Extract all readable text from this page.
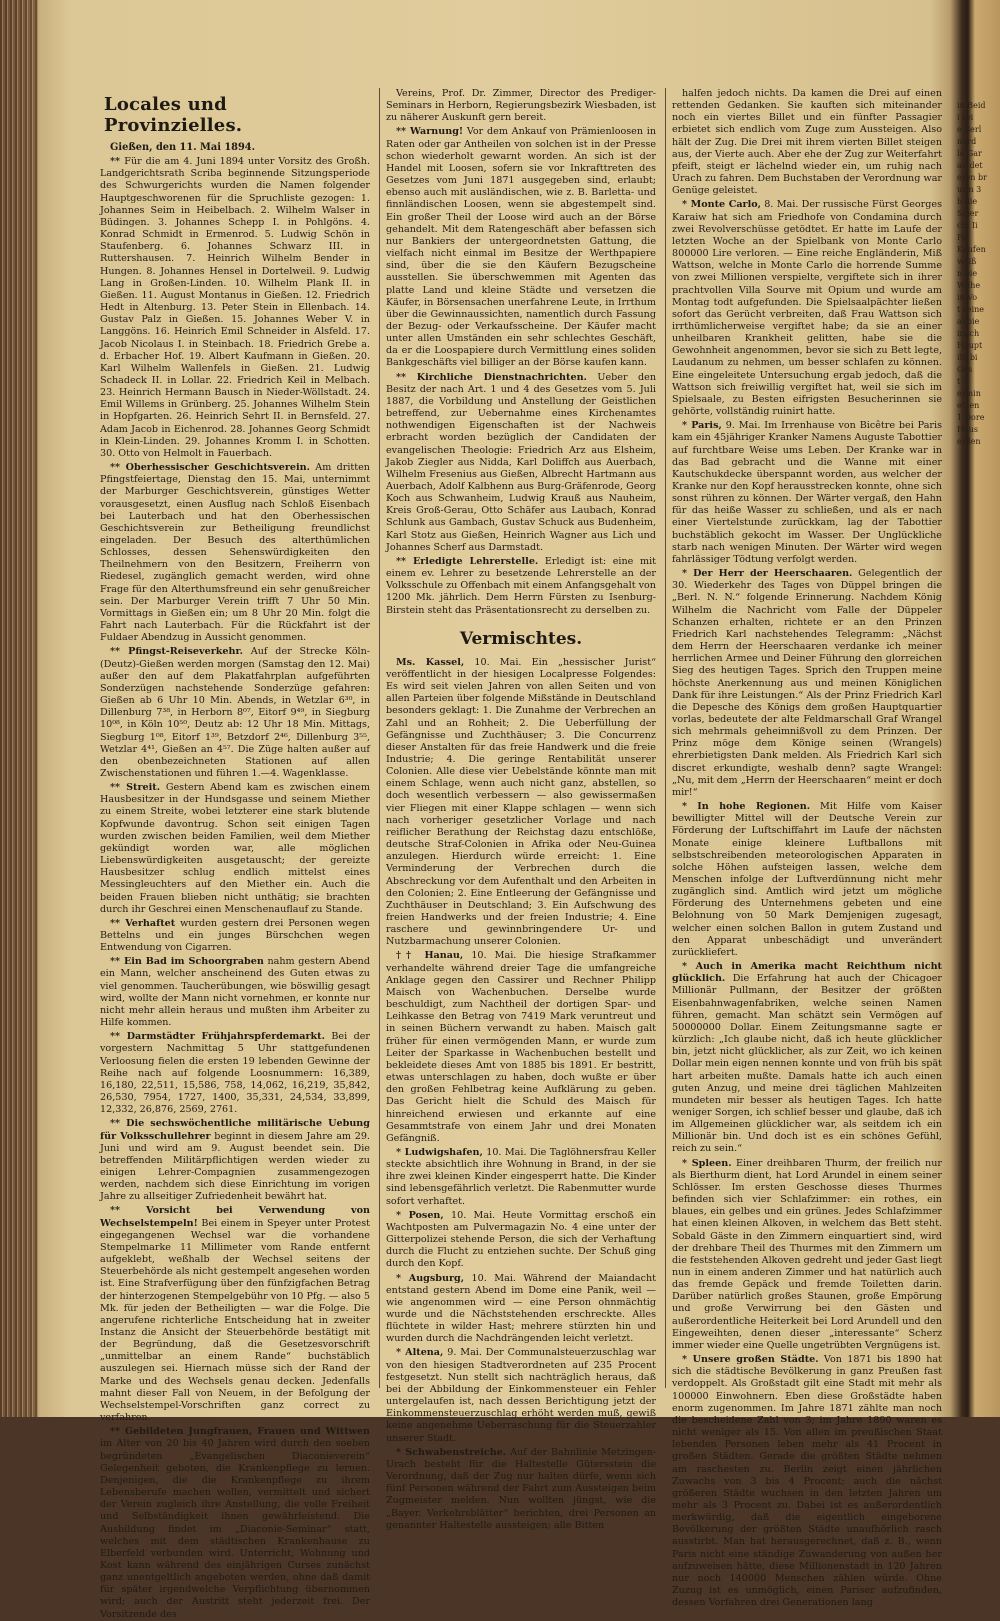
Locales und Provinzielles.

Gießen, den 11. Mai 1894.

** Für die am 4. Juni 1894 unter Vorsitz des Großh. Landgerichtsrath Scriba beginnende Sitzungsperiode des Schwurgerichts wurden die Namen folgender Hauptgeschworenen für die Spruchliste gezogen: 1. Johannes Seim in Heibelbach. 2. Wilhelm Walser in Büdingen. 3. Johannes Schepp I. in Pohlgöns. 4. Konrad Schmidt in Ermenrod. 5. Ludwig Schön in Staufenberg. 6. Johannes Schwarz III. in Ruttershausen. 7. Heinrich Wilhelm Bender in Hungen. 8. Johannes Hensel in Dortelweil. 9. Ludwig Lang in Großen-Linden. 10. Wilhelm Plank II. in Gießen. 11. August Montanus in Gießen. 12. Friedrich Hedt in Altenburg. 13. Peter Stein in Ellenbach. 14. Gustav Palz in Gießen. 15. Johannes Weber V. in Langgöns. 16. Heinrich Emil Schneider in Alsfeld. 17. Jacob Nicolaus I. in Steinbach. 18. Friedrich Grebe a. d. Erbacher Hof. 19. Albert Kaufmann in Gießen. 20. Karl Wilhelm Wallenfels in Gießen. 21. Ludwig Schadeck II. in Lollar. 22. Friedrich Keil in Melbach. 23. Heinrich Hermann Bausch in Nieder-Wöllstadt. 24. Emil Willems in Grünberg. 25. Johannes Wilhelm Stein in Hopfgarten. 26. Heinrich Sehrt II. in Bernsfeld. 27. Adam Jacob in Eichenrod. 28. Johannes Georg Schmidt in Klein-Linden. 29. Johannes Kromm I. in Schotten. 30. Otto von Helmolt in Fauerbach.

** Oberhessischer Geschichtsverein. Am dritten Pfingstfeiertage, Dienstag den 15. Mai, unternimmt der Marburger Geschichtsverein, günstiges Wetter vorausgesetzt, einen Ausflug nach Schloß Eisenbach bei Lauterbach und hat den Oberhessischen Geschichtsverein zur Betheiligung freundlichst eingeladen. Der Besuch des alterthümlichen Schlosses, dessen Sehenswürdigkeiten den Theilnehmern von den Besitzern, Freiherrn von Riedesel, zugänglich gemacht werden, wird ohne Frage für den Alterthumsfreund ein sehr genußreicher sein. Der Marburger Verein trifft 7 Uhr 50 Min. Vormittags in Gießen ein; um 8 Uhr 20 Min. folgt die Fahrt nach Lauterbach. Für die Rückfahrt ist der Fuldaer Abendzug in Aussicht genommen.

** Pfingst-Reiseverkehr. Auf der Strecke Köln-(Deutz)-Gießen werden morgen (Samstag den 12. Mai) außer den auf dem Plakatfahrplan aufgeführten Sonderzügen nachstehende Sonderzüge gefahren: Gießen ab 6 Uhr 10 Min. Abends, in Wetzlar 6³⁰, in Dillenburg 7³⁸, in Herborn 8⁰⁷, Eitorf 9⁴⁹, in Siegburg 10⁰⁸, in Köln 10⁵⁰, Deutz ab: 12 Uhr 18 Min. Mittags, Siegburg 1⁰⁸, Eitorf 1³⁹, Betzdorf 2⁴⁶, Dillenburg 3⁵⁵, Wetzlar 4⁴¹, Gießen an 4⁵⁷. Die Züge halten außer auf den obenbezeichneten Stationen auf allen Zwischenstationen und führen 1.—4. Wagenklasse.

** Streit. Gestern Abend kam es zwischen einem Hausbesitzer in der Hundsgasse und seinem Miether zu einem Streite, wobei letzterer eine stark blutende Kopfwunde davontrug. Schon seit einigen Tagen wurden zwischen beiden Familien, weil dem Miether gekündigt worden war, alle möglichen Liebenswürdigkeiten ausgetauscht; der gereizte Hausbesitzer schlug endlich mittelst eines Messingleuchters auf den Miether ein. Auch die beiden Frauen blieben nicht unthätig; sie brachten durch ihr Geschrei einen Menschenauflauf zu Stande.

** Verhaftet wurden gestern drei Personen wegen Bettelns und ein junges Bürschchen wegen Entwendung von Cigarren.

** Ein Bad im Schoorgraben nahm gestern Abend ein Mann, welcher anscheinend des Guten etwas zu viel genommen. Taucherübungen, wie böswillig gesagt wird, wollte der Mann nicht vornehmen, er konnte nur nicht mehr allein heraus und mußten ihm Arbeiter zu Hilfe kommen.

** Darmstädter Frühjahrspferdemarkt. Bei der vorgestern Nachmittag 5 Uhr stattgefundenen Verloosung fielen die ersten 19 lebenden Gewinne der Reihe nach auf folgende Loosnummern: 16,389, 16,180, 22,511, 15,586, 758, 14,062, 16,219, 35,842, 26,530, 7954, 1727, 1400, 35,331, 24,534, 33,899, 12,332, 26,876, 2569, 2761.

** Die sechswöchentliche militärische Uebung für Volksschullehrer beginnt in diesem Jahre am 29. Juni und wird am 9. August beendet sein. Die betreffenden Militärpflichtigen werden wieder zu einigen Lehrer-Compagnien zusammengezogen werden, nachdem sich diese Einrichtung im vorigen Jahre zu allseitiger Zufriedenheit bewährt hat.

** Vorsicht bei Verwendung von Wechselstempeln! Bei einem in Speyer unter Protest eingegangenen Wechsel war die vorhandene Stempelmarke 11 Millimeter vom Rande entfernt aufgeklebt, weßhalb der Wechsel seitens der Steuerbehörde als nicht gestempelt angesehen worden ist. Eine Strafverfügung über den fünfzigfachen Betrag der hinterzogenen Stempelgebühr von 10 Pfg. — also 5 Mk. für jeden der Betheiligten — war die Folge. Die angerufene richterliche Entscheidung hat in zweiter Instanz die Ansicht der Steuerbehörde bestätigt mit der Begründung, daß die Gesetzesvorschrift „unmittelbar an einem Rande“ buchstäblich auszulegen sei. Hiernach müsse sich der Rand der Marke und des Wechsels genau decken. Jedenfalls mahnt dieser Fall von Neuem, in der Befolgung der Wechselstempel-Vorschriften ganz correct zu verfahren.

** Gebildeten Jungfrauen, Frauen und Wittwen im Alter von 20 bis 40 Jahren wird durch den soeben begründeten „Evangelischen Diaconieverein“ Gelegenheit geboten, die Krankenpflege zu lernen. Denjenigen, die die Krankenpflege zu ihrem Lebensberufe machen wollen, vermittelt und sichert der Verein zugleich ihre Anstellung, die volle Freiheit und Selbständigkeit ihnen gewährleistend. Die Ausbildung findet im „Diaconie-Seminar“ statt, welches mit dem städtischen Krankenhause zu Elberfeld verbunden wird. Unterricht, Wohnung und Kost kann während des einjährigen Curses zunächst ganz unentgeltlich angeboten werden, ohne daß damit für später irgendwelche Verpflichtung übernommen wird; auch der Austritt steht jederzeit frei. Der Vorsitzende des

Vereins, Prof. Dr. Zimmer, Director des Prediger-Seminars in Herborn, Regierungsbezirk Wiesbaden, ist zu näherer Auskunft gern bereit.

** Warnung! Vor dem Ankauf von Prämienloosen in Raten oder gar Antheilen von solchen ist in der Presse schon wiederholt gewarnt worden. An sich ist der Handel mit Loosen, sofern sie vor Inkrafttreten des Gesetzes vom Juni 1871 ausgegeben sind, erlaubt; ebenso auch mit ausländischen, wie z. B. Barletta- und finnländischen Loosen, wenn sie abgestempelt sind. Ein großer Theil der Loose wird auch an der Börse gehandelt. Mit dem Ratengeschäft aber befassen sich nur Bankiers der untergeordnetsten Gattung, die vielfach nicht einmal im Besitze der Werthpapiere sind, über die sie den Käufern Bezugscheine ausstellen. Sie überschwemmen mit Agenten das platte Land und kleine Städte und versetzen die Käufer, in Börsensachen unerfahrene Leute, in Irrthum über die Gewinnaussichten, namentlich durch Fassung der Bezug- oder Verkaufsscheine. Der Käufer macht unter allen Umständen ein sehr schlechtes Geschäft, da er die Loospapiere durch Vermittlung eines soliden Bankgeschäfts viel billiger an der Börse kaufen kann.

** Kirchliche Dienstnachrichten. Ueber den Besitz der nach Art. 1 und 4 des Gesetzes vom 5. Juli 1887, die Vorbildung und Anstellung der Geistlichen betreffend, zur Uebernahme eines Kirchenamtes nothwendigen Eigenschaften ist der Nachweis erbracht worden bezüglich der Candidaten der evangelischen Theologie: Friedrich Arz aus Elsheim, Jakob Ziegler aus Nidda, Karl Doliffch aus Auerbach, Wilhelm Fresenius aus Gießen, Albrecht Hartmann aus Auerbach, Adolf Kalbhenn aus Burg-Gräfenrode, Georg Koch aus Schwanheim, Ludwig Krauß aus Nauheim, Kreis Groß-Gerau, Otto Schäfer aus Laubach, Konrad Schlunk aus Gambach, Gustav Schuck aus Budenheim, Karl Stotz aus Gießen, Heinrich Wagner aus Lich und Johannes Scherf aus Darmstadt.

** Erledigte Lehrerstelle. Erledigt ist: eine mit einem ev. Lehrer zu besetzende Lehrerstelle an der Volksschule zu Offenbach mit einem Anfangsgehalt von 1200 Mk. jährlich. Dem Herrn Fürsten zu Isenburg-Birstein steht das Präsentationsrecht zu derselben zu.

Vermischtes.

Ms. Kassel, 10. Mai. Ein „hessischer Jurist“ veröffentlicht in der hiesigen Localpresse Folgendes: Es wird seit vielen Jahren von allen Seiten und von allen Parteien über folgende Mißstände in Deutschland besonders geklagt: 1. Die Zunahme der Verbrechen an Zahl und an Rohheit; 2. Die Ueberfüllung der Gefängnisse und Zuchthäuser; 3. Die Concurrenz dieser Anstalten für das freie Handwerk und die freie Industrie; 4. Die geringe Rentabilität unserer Colonien. Alle diese vier Uebelstände könnte man mit einem Schlage, wenn auch nicht ganz, abstellen, so doch wesentlich verbessern — also gewissermaßen vier Fliegen mit einer Klappe schlagen — wenn sich nach vorheriger gesetzlicher Vorlage und nach reiflicher Berathung der Reichstag dazu entschlöße, deutsche Straf-Colonien in Afrika oder Neu-Guinea anzulegen. Hierdurch würde erreicht: 1. Eine Verminderung der Verbrechen durch die Abschreckung vor dem Aufenthalt und den Arbeiten in den Colonien; 2. Eine Entleerung der Gefängnisse und Zuchthäuser in Deutschland; 3. Ein Aufschwung des freien Handwerks und der freien Industrie; 4. Eine raschere und gewinnbringendere Ur- und Nutzbarmachung unserer Colonien.

†† Hanau, 10. Mai. Die hiesige Strafkammer verhandelte während dreier Tage die umfangreiche Anklage gegen den Cassirer und Rechner Philipp Maisch von Wachenbuchen. Derselbe wurde beschuldigt, zum Nachtheil der dortigen Spar- und Leihkasse den Betrag von 7419 Mark veruntreut und in seinen Büchern verwandt zu haben. Maisch galt früher für einen vermögenden Mann, er wurde zum Leiter der Sparkasse in Wachenbuchen bestellt und bekleidete dieses Amt von 1885 bis 1891. Er bestritt, etwas unterschlagen zu haben, doch wußte er über den großen Fehlbetrag keine Aufklärung zu geben. Das Gericht hielt die Schuld des Maisch für hinreichend erwiesen und erkannte auf eine Gesammtstrafe von einem Jahr und drei Monaten Gefängniß.

* Ludwigshafen, 10. Mai. Die Taglöhnersfrau Keller steckte absichtlich ihre Wohnung in Brand, in der sie ihre zwei kleinen Kinder eingesperrt hatte. Die Kinder sind lebensgefährlich verletzt. Die Rabenmutter wurde sofort verhaftet.

* Posen, 10. Mai. Heute Vormittag erschoß ein Wachtposten am Pulvermagazin No. 4 eine unter der Gitterpolizei stehende Person, die sich der Verhaftung durch die Flucht zu entziehen suchte. Der Schuß ging durch den Kopf.

* Augsburg, 10. Mai. Während der Maiandacht entstand gestern Abend im Dome eine Panik, weil — wie angenommen wird — eine Person ohnmächtig wurde und die Nächststehenden erschreckte. Alles flüchtete in wilder Hast; mehrere stürzten hin und wurden durch die Nachdrängenden leicht verletzt.

* Altena, 9. Mai. Der Communalsteuerzuschlag war von den hiesigen Stadtverordneten auf 235 Procent festgesetzt. Nun stellt sich nachträglich heraus, daß bei der Abbildung der Einkommensteuer ein Fehler untergelaufen ist, nach dessen Berichtigung jetzt der Einkommensteuerzuschlag erhöht werden muß, gewiß keine angenehme Ueberraschung für die Steuerzahler unserer Stadt.

* Schwabenstreiche. Auf der Bahnlinie Metzingen-Urach besteht für die Haltestelle Gütersstein die Verordnung, daß der Zug nur halten dürfe, wenn sich fünf Personen während der Fahrt zum Aussteigen beim Zugmeister melden. Nun wollten jüngst, wie die „Bayer. Verkehrsblätter“ berichten, drei Personen an genannter Haltestelle aussteigen; alle Bitten

halfen jedoch nichts. Da kamen die Drei auf einen rettenden Gedanken. Sie kauften sich miteinander noch ein viertes Billet und ein fünfter Passagier erbietet sich endlich vom Zuge zum Aussteigen. Also hält der Zug. Die Drei mit ihrem vierten Billet steigen aus, der Vierte auch. Aber ehe der Zug zur Weiterfahrt pfeift, steigt er lächelnd wieder ein, um ruhig nach Urach zu fahren. Dem Buchstaben der Verordnung war Genüge geleistet.

* Monte Carlo, 8. Mai. Der russische Fürst Georges Karaiw hat sich am Friedhofe von Condamina durch zwei Revolverschüsse getödtet. Er hatte im Laufe der letzten Woche an der Spielbank von Monte Carlo 800000 Lire verloren. — Eine reiche Engländerin, Miß Wattson, welche in Monte Carlo die horrende Summe von zwei Millionen verspielte, vergiftete sich in ihrer prachtvollen Villa Sourve mit Opium und wurde am Montag todt aufgefunden. Die Spielsaalpächter ließen sofort das Gerücht verbreiten, daß Frau Wattson sich irrthümlicherweise vergiftet habe; da sie an einer unheilbaren Krankheit gelitten, habe sie die Gewohnheit angenommen, bevor sie sich zu Bett legte, Laudanum zu nehmen, um besser schlafen zu können. Eine eingeleitete Untersuchung ergab jedoch, daß die Wattson sich freiwillig vergiftet hat, weil sie sich im Spielsaale, zu Besten eifrigsten Besucherinnen sie gehörte, vollständig ruinirt hatte.

* Paris, 9. Mai. Im Irrenhause von Bicêtre bei Paris kam ein 45jähriger Kranker Namens Auguste Tabottier auf furchtbare Weise ums Leben. Der Kranke war in das Bad gebracht und die Wanne mit einer Kautschukdecke überspannt worden, aus welcher der Kranke nur den Kopf herausstrecken konnte, ohne sich sonst rühren zu können. Der Wärter vergaß, den Hahn für das heiße Wasser zu schließen, und als er nach einer Viertelstunde zurückkam, lag der Tabottier buchstäblich gekocht im Wasser. Der Unglückliche starb nach wenigen Minuten. Der Wärter wird wegen fahrlässiger Tödtung verfolgt werden.

* Der Herr der Heerschaaren. Gelegentlich der 30. Wiederkehr des Tages von Düppel bringen die „Berl. N. N.“ folgende Erinnerung. Nachdem König Wilhelm die Nachricht vom Falle der Düppeler Schanzen erhalten, richtete er an den Prinzen Friedrich Karl nachstehendes Telegramm: „Nächst dem Herrn der Heerschaaren verdanke ich meiner herrlichen Armee und Deiner Führung den glorreichen Sieg des heutigen Tages. Sprich den Truppen meine höchste Anerkennung aus und meinen Königlichen Dank für ihre Leistungen.“ Als der Prinz Friedrich Karl die Depesche des Königs dem großen Hauptquartier vorlas, bedeutete der alte Feldmarschall Graf Wrangel sich mehrmals geheimnißvoll zu dem Prinzen. Der Prinz möge dem Könige seinen (Wrangels) ehrerbietigsten Dank melden. Als Friedrich Karl sich discret erkundigte, weshalb denn? sagte Wrangel: „Nu, mit dem „Herrn der Heerschaaren“ meint er doch mir!“

* In hohe Regionen. Mit Hilfe vom Kaiser bewilligter Mittel will der Deutsche Verein zur Förderung der Luftschiffahrt im Laufe der nächsten Monate einige kleinere Luftballons mit selbstschreibenden meteorologischen Apparaten in solche Höhen aufsteigen lassen, welche dem Menschen infolge der Luftverdünnung nicht mehr zugänglich sind. Amtlich wird jetzt um mögliche Förderung des Unternehmens gebeten und eine Belohnung von 50 Mark Demjenigen zugesagt, welcher einen solchen Ballon in gutem Zustand und den Apparat unbeschädigt und unverändert zurückliefert.

* Auch in Amerika macht Reichthum nicht glücklich. Die Erfahrung hat auch der Chicagoer Millionär Pullmann, der Besitzer der größten Eisenbahnwagenfabriken, welche seinen Namen führen, gemacht. Man schätzt sein Vermögen auf 50000000 Dollar. Einem Zeitungsmanne sagte er kürzlich: „Ich glaube nicht, daß ich heute glücklicher bin, jetzt nicht glücklicher, als zur Zeit, wo ich keinen Dollar mein eigen nennen konnte und von früh bis spät hart arbeiten mußte. Damals hatte ich auch einen guten Anzug, und meine drei täglichen Mahlzeiten mundeten mir besser als heutigen Tages. Ich hatte weniger Sorgen, ich schlief besser und glaube, daß ich im Allgemeinen glücklicher war, als seitdem ich ein Millionär bin. Und doch ist es ein schönes Gefühl, reich zu sein.“

* Spleen. Einer dreihbaren Thurm, der freilich nur als Bierthurm dient, hat Lord Arundel in einem seiner Schlösser. Im ersten Geschosse dieses Thurmes befinden sich vier Schlafzimmer: ein rothes, ein blaues, ein gelbes und ein grünes. Jedes Schlafzimmer hat einen kleinen Alkoven, in welchem das Bett steht. Sobald Gäste in den Zimmern einquartiert sind, wird der drehbare Theil des Thurmes mit den Zimmern um die feststehenden Alkoven gedreht und jeder Gast liegt nun in einem anderen Zimmer und hat natürlich auch das fremde Gepäck und fremde Toiletten darin. Darüber natürlich großes Staunen, große Empörung und große Verwirrung bei den Gästen und außerordentliche Heiterkeit bei Lord Arundell und den Eingeweihten, denen dieser „interessante“ Scherz immer wieder eine Quelle ungetrübten Vergnügens ist.

* Unsere großen Städte. Von 1871 bis 1890 hat sich die städtische Bevölkerung in ganz Preußen fast verdoppelt. Als Großstadt gilt eine Stadt mit mehr als 100000 Einwohnern. Eben diese Großstädte haben enorm zugenommen. Im Jahre 1871 zählte man noch die bescheidene Zahl von 3; im Jahre 1890 waren es nicht weniger als 15. Von allen im preußischen Staat lebenden Personen leben mehr als 41 Procent in großen Städten. Gerade die größten Städte nehmen am raschesten zu. Berlin zeigt einen jährlichen Zuwachs von 3 bis 4 Procent; auch die nächst größeren Städte wuchsen in den letzten Jahren um mehr als 3 Procent zu. Dabei ist es außerordentlich merkwürdig, daß die eigentlich eingeborene Bevölkerung der größten Städte unaufhörlich rasch ausstirbt. Man hat herausgerechnet, daß z. B., wenn Paris nicht eine ständige Zuwanderung von außen her aufzuweisen hätte, diese Millionenstadt in 120 Jahren nur noch 140000 Menschen zählen würde. Ohne Zuzug ist es unmöglich, einen Pariser aufzufinden, dessen Vorfahren drei Generationen lang

in Beid
i rei
e Berl
nurd
la Gar
an det
eren br
urm 3
h die
Seier
ch: Ii
Pa
Kaufen
weiß
n bie
Wilhe
in Vo
t seine
al bie
inach
Haupt
ihl bi
Ges
t
ermin
einen
1 Dore
Haus
erden
